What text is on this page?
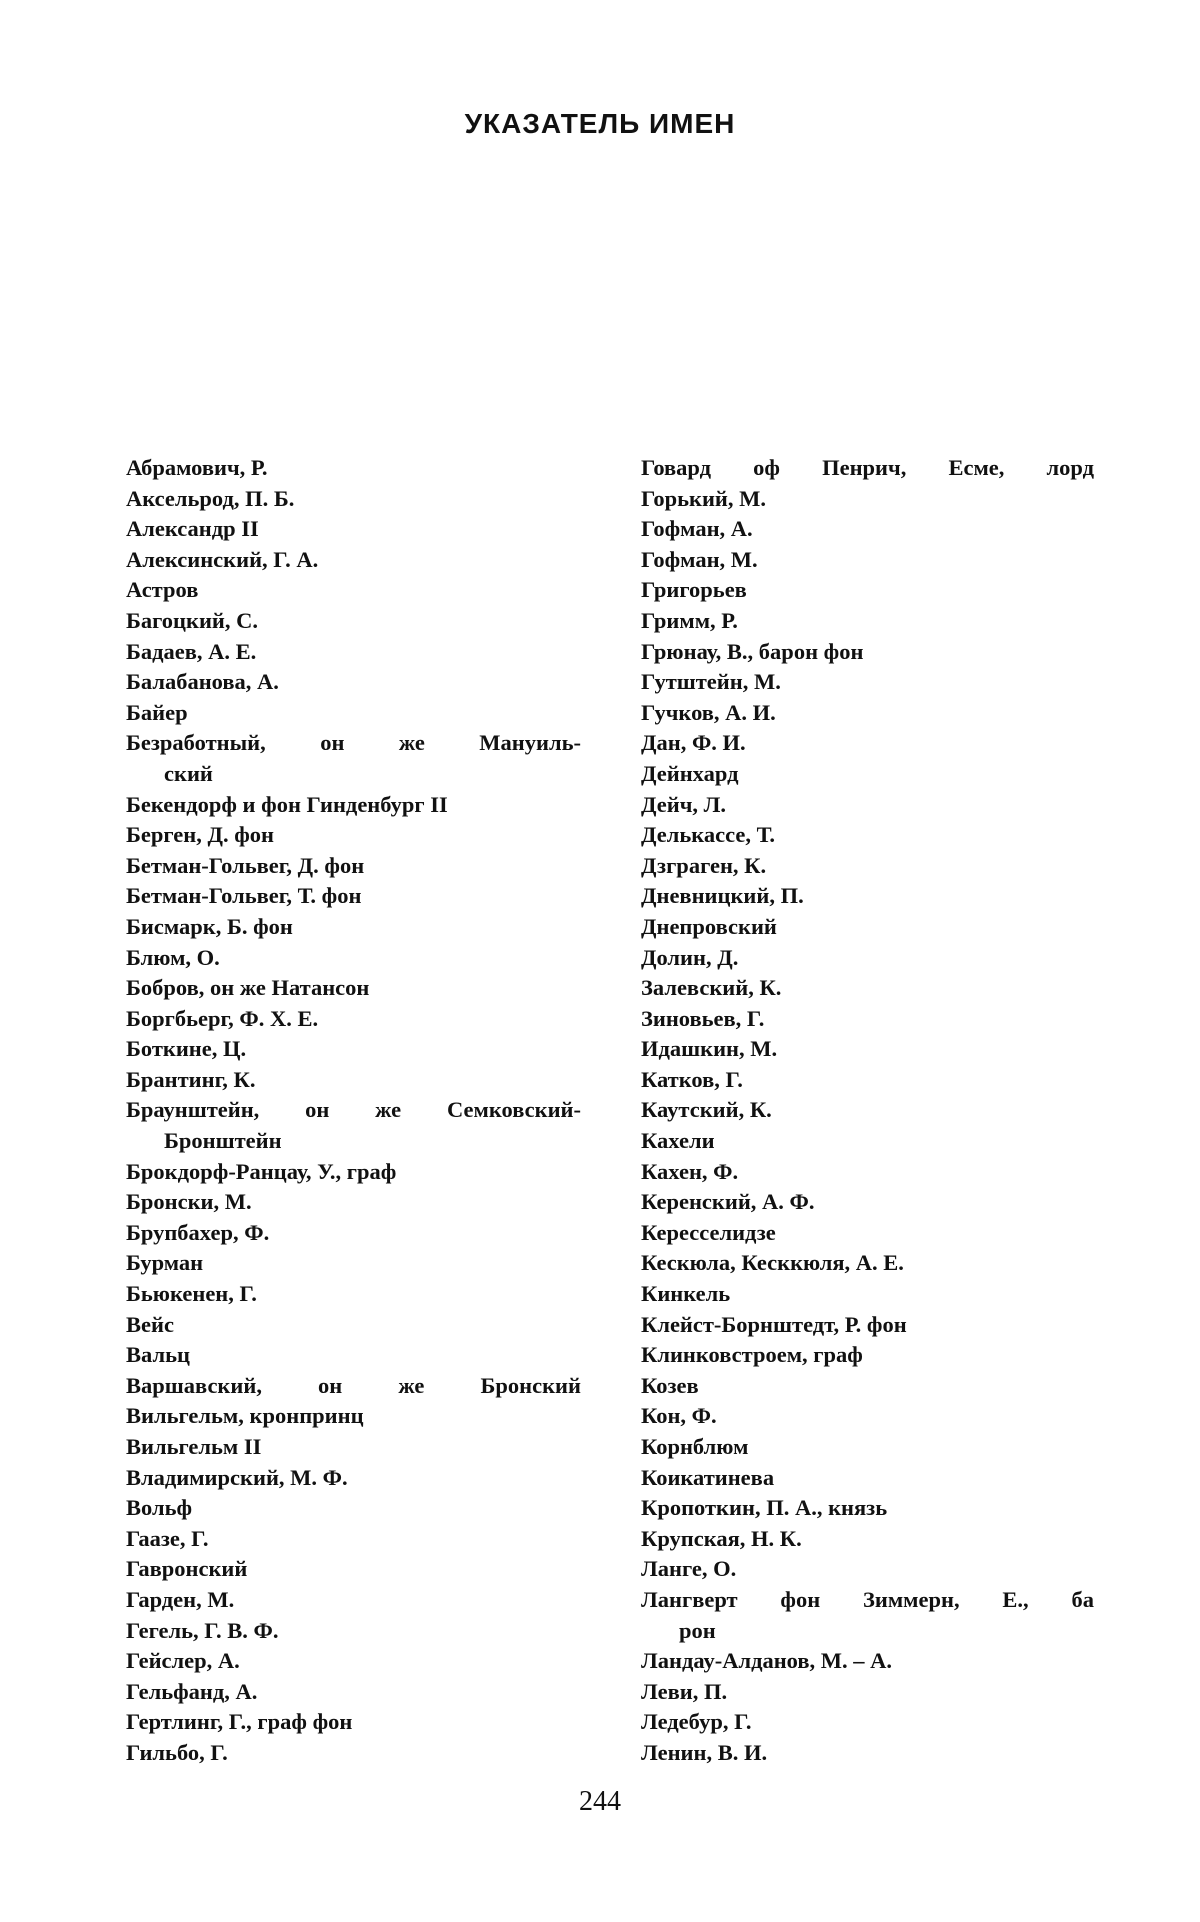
УКАЗАТЕЛЬ ИМЕН
Абрамович, Р.
Аксельрод, П. Б.
Александр II
Алексинский, Г. А.
Астров
Багоцкий, С.
Бадаев, А. Е.
Балабанова, А.
Байер
Безработный, он же Мануиль-
ский
Бекендорф и фон Гинденбург II
Берген, Д. фон
Бетман-Гольвег, Д. фон
Бетман-Гольвег, Т. фон
Бисмарк, Б. фон
Блюм, О.
Бобров, он же Натансон
Боргбьерг, Ф. Х. Е.
Боткине, Ц.
Брантинг, К.
Браунштейн, он же Семковский-
Бронштейн
Брокдорф-Ранцау, У., граф
Бронски, М.
Брупбахер, Ф.
Бурман
Бьюкенен, Г.
Вейс
Вальц
Варшавский, он же Бронский
Вильгельм, кронпринц
Вильгельм II
Владимирский, М. Ф.
Вольф
Гаазе, Г.
Гавронский
Гарден, М.
Гегель, Г. В. Ф.
Гейслер, А.
Гельфанд, А.
Гертлинг, Г., граф фон
Гильбо, Г.
Говард оф Пенрич, Есме, лорд
Горький, М.
Гофман, А.
Гофман, М.
Григорьев
Гримм, Р.
Грюнау, В., барон фон
Гутштейн, М.
Гучков, А. И.
Дан, Ф. И.
Дейнхард
Дейч, Л.
Делькассе, Т.
Дзграген, К.
Дневницкий, П.
Днепровский
Долин, Д.
Залевский, К.
Зиновьев, Г.
Идашкин, М.
Катков, Г.
Каутский, К.
Кахели
Кахен, Ф.
Керенский, А. Ф.
Кересселидзе
Кескюла, Кесккюля, А. Е.
Кинкель
Клейст-Борнштедт, Р. фон
Клинковстроем, граф
Козев
Кон, Ф.
Корнблюм
Коикатинева
Кропоткин, П. А., князь
Крупская, Н. К.
Ланге, О.
Лангверт фон Зиммерн, Е., ба
рон
Ландау-Алданов, М. – А.
Леви, П.
Ледебур, Г.
Ленин, В. И.
244
